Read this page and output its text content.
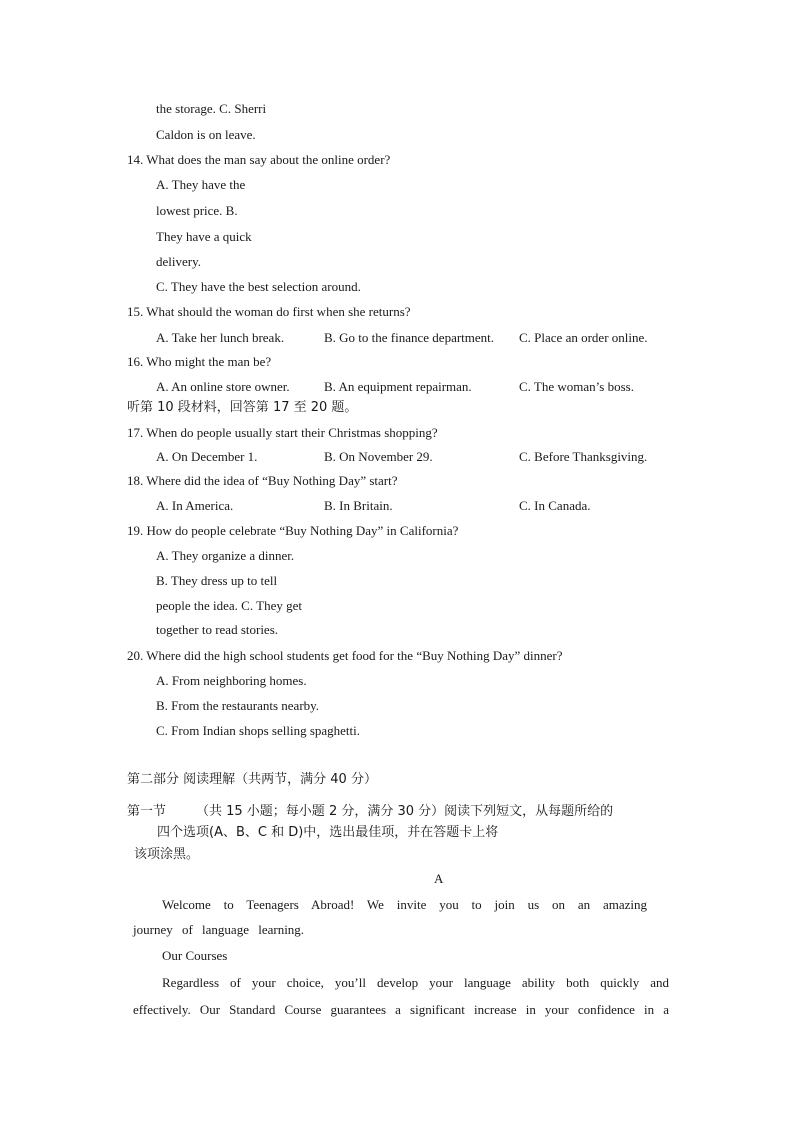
the storage. C. Sherri
Caldon is on leave.
14. What does the man say about the online order?
A. They have the
lowest price. B.
They have a quick
delivery.
C. They have the best selection around.
15. What should the woman do first when she returns?
A. Take her lunch break.	B. Go to the finance department. C. Place an order online.
16. Who might the man be?
A. An online store owner.	B. An equipment repairman.	C. The woman’s boss.
听第 10 段材料，回答第 17 至 20 题。
17. When do people usually start their Christmas shopping?
A. On December 1.	B. On November 29.	C. Before Thanksgiving.
18. Where did the idea of “Buy Nothing Day” start?
A. In America.	B. In Britain.	C. In Canada.
19. How do people celebrate “Buy Nothing Day” in California?
A. They organize a dinner.
B. They dress up to tell
people the idea. C. They get
together to read stories.
20. Where did the high school students get food for the “Buy Nothing Day” dinner?
A. From neighboring homes.
B. From the restaurants nearby.
C. From Indian shops selling spaghetti.
第二部分 阅读理解（共两节，满分 40 分）
第一节 （共 15 小题；每小题 2 分，满分 30 分）阅读下列短文，从每题所给的
四个选项(A、B、C 和 D)中，选出最佳项，并在答题卡上将
该项涂黑。
A
Welcome to Teenagers Abroad! We invite you to join us on an amazing
journey of language learning.
Our Courses
Regardless of your choice, you’ll develop your language ability both quickly and
effectively. Our Standard Course guarantees a significant increase in your confidence in a
